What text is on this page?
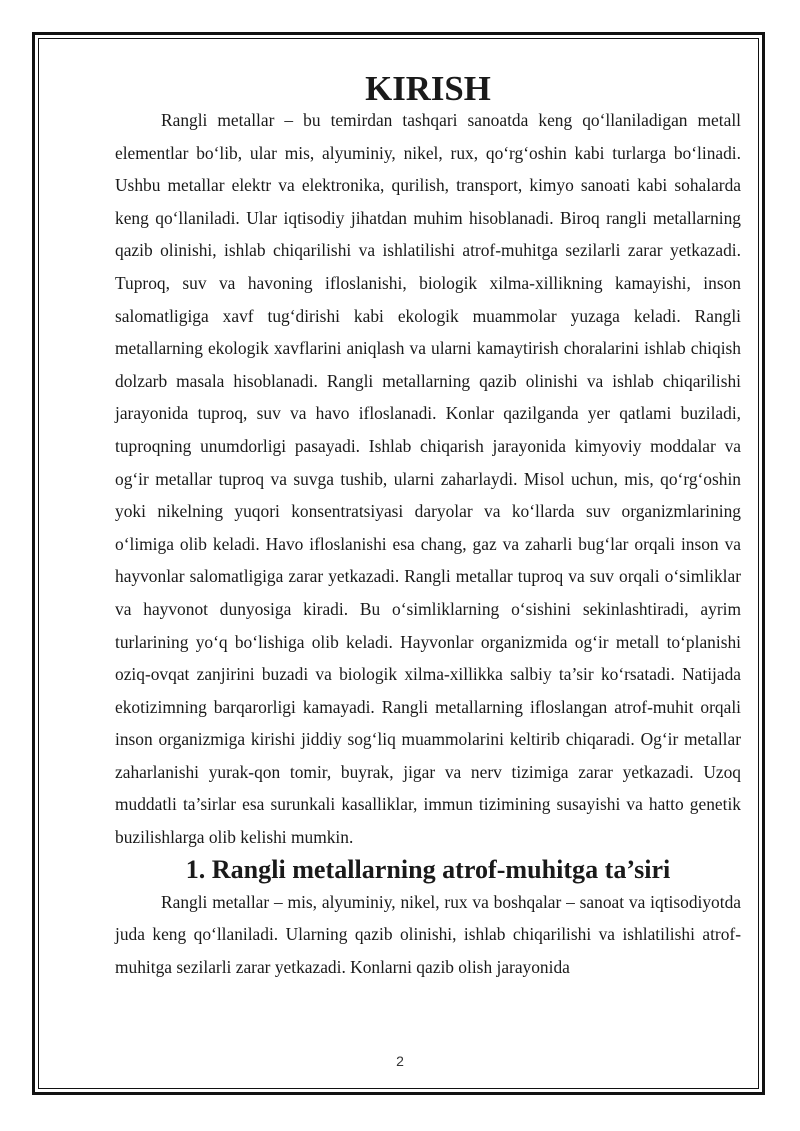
KIRISH

Rangli metallar – bu temirdan tashqari sanoatda keng qo‘llaniladigan metall elementlar bo‘lib, ular mis, alyuminiy, nikel, rux, qo‘rg‘oshin kabi turlarga bo‘linadi. Ushbu metallar elektr va elektronika, qurilish, transport, kimyo sanoati kabi sohalarda keng qo‘llaniladi. Ular iqtisodiy jihatdan muhim hisoblanadi. Biroq rangli metallarning qazib olinishi, ishlab chiqarilishi va ishlatilishi atrof-muhitga sezilarli zarar yetkazadi. Tuproq, suv va havoning ifloslanishi, biologik xilma-xillikning kamayishi, inson salomatligiga xavf tug‘dirishi kabi ekologik muammolar yuzaga keladi. Rangli metallarning ekologik xavflarini aniqlash va ularni kamaytirish choralarini ishlab chiqish dolzarb masala hisoblanadi. Rangli metallarning qazib olinishi va ishlab chiqarilishi jarayonida tuproq, suv va havo ifloslanadi. Konlar qazilganda yer qatlami buziladi, tuproqning unumdorligi pasayadi. Ishlab chiqarish jarayonida kimyoviy moddalar va og‘ir metallar tuproq va suvga tushib, ularni zaharlaydi. Misol uchun, mis, qo‘rg‘oshin yoki nikelning yuqori konsentratsiyasi daryolar va ko‘llarda suv organizmlarining o‘limiga olib keladi. Havo ifloslanishi esa chang, gaz va zaharli bug‘lar orqali inson va hayvonlar salomatligiga zarar yetkazadi. Rangli metallar tuproq va suv orqali o‘simliklar va hayvonot dunyosiga kiradi. Bu o‘simliklarning o‘sishini sekinlashtiradi, ayrim turlarining yo‘q bo‘lishiga olib keladi. Hayvonlar organizmida og‘ir metall to‘planishi oziq-ovqat zanjirini buzadi va biologik xilma-xillikka salbiy ta’sir ko‘rsatadi. Natijada ekotizimning barqarorligi kamayadi. Rangli metallarning ifloslangan atrof-muhit orqali inson organizmiga kirishi jiddiy sog‘liq muammolarini keltirib chiqaradi. Og‘ir metallar zaharlanishi yurak-qon tomir, buyrak, jigar va nerv tizimiga zarar yetkazadi. Uzoq muddatli ta’sirlar esa surunkali kasalliklar, immun tizimining susayishi va hatto genetik buzilishlarga olib kelishi mumkin.

1. Rangli metallarning atrof-muhitga ta’siri

Rangli metallar – mis, alyuminiy, nikel, rux va boshqalar – sanoat va iqtisodiyotda juda keng qo‘llaniladi. Ularning qazib olinishi, ishlab chiqarilishi va ishlatilishi atrof-muhitga sezilarli zarar yetkazadi. Konlarni qazib olish jarayonida

2
